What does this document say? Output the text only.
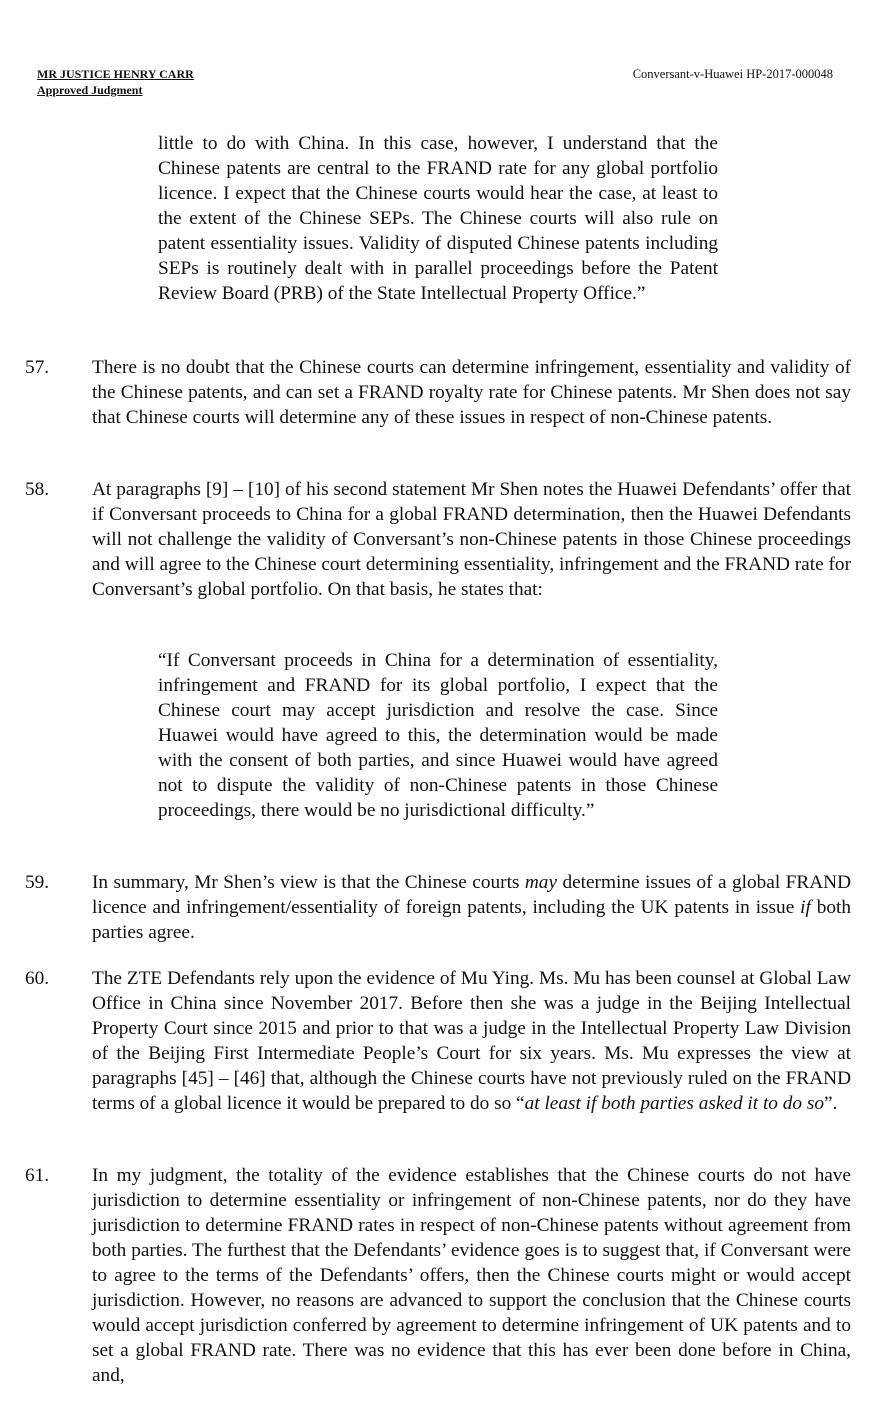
MR JUSTICE HENRY CARR
Approved Judgment
Conversant-v-Huawei HP-2017-000048
little to do with China. In this case, however, I understand that the Chinese patents are central to the FRAND rate for any global portfolio licence. I expect that the Chinese courts would hear the case, at least to the extent of the Chinese SEPs. The Chinese courts will also rule on patent essentiality issues. Validity of disputed Chinese patents including SEPs is routinely dealt with in parallel proceedings before the Patent Review Board (PRB) of the State Intellectual Property Office.”
57. There is no doubt that the Chinese courts can determine infringement, essentiality and validity of the Chinese patents, and can set a FRAND royalty rate for Chinese patents. Mr Shen does not say that Chinese courts will determine any of these issues in respect of non-Chinese patents.
58. At paragraphs [9] – [10] of his second statement Mr Shen notes the Huawei Defendants’ offer that if Conversant proceeds to China for a global FRAND determination, then the Huawei Defendants will not challenge the validity of Conversant’s non-Chinese patents in those Chinese proceedings and will agree to the Chinese court determining essentiality, infringement and the FRAND rate for Conversant’s global portfolio. On that basis, he states that:
“If Conversant proceeds in China for a determination of essentiality, infringement and FRAND for its global portfolio, I expect that the Chinese court may accept jurisdiction and resolve the case. Since Huawei would have agreed to this, the determination would be made with the consent of both parties, and since Huawei would have agreed not to dispute the validity of non-Chinese patents in those Chinese proceedings, there would be no jurisdictional difficulty.”
59. In summary, Mr Shen’s view is that the Chinese courts may determine issues of a global FRAND licence and infringement/essentiality of foreign patents, including the UK patents in issue if both parties agree.
60. The ZTE Defendants rely upon the evidence of Mu Ying. Ms. Mu has been counsel at Global Law Office in China since November 2017. Before then she was a judge in the Beijing Intellectual Property Court since 2015 and prior to that was a judge in the Intellectual Property Law Division of the Beijing First Intermediate People’s Court for six years. Ms. Mu expresses the view at paragraphs [45] – [46] that, although the Chinese courts have not previously ruled on the FRAND terms of a global licence it would be prepared to do so “at least if both parties asked it to do so”.
61. In my judgment, the totality of the evidence establishes that the Chinese courts do not have jurisdiction to determine essentiality or infringement of non-Chinese patents, nor do they have jurisdiction to determine FRAND rates in respect of non-Chinese patents without agreement from both parties. The furthest that the Defendants’ evidence goes is to suggest that, if Conversant were to agree to the terms of the Defendants’ offers, then the Chinese courts might or would accept jurisdiction. However, no reasons are advanced to support the conclusion that the Chinese courts would accept jurisdiction conferred by agreement to determine infringement of UK patents and to set a global FRAND rate. There was no evidence that this has ever been done before in China, and,
